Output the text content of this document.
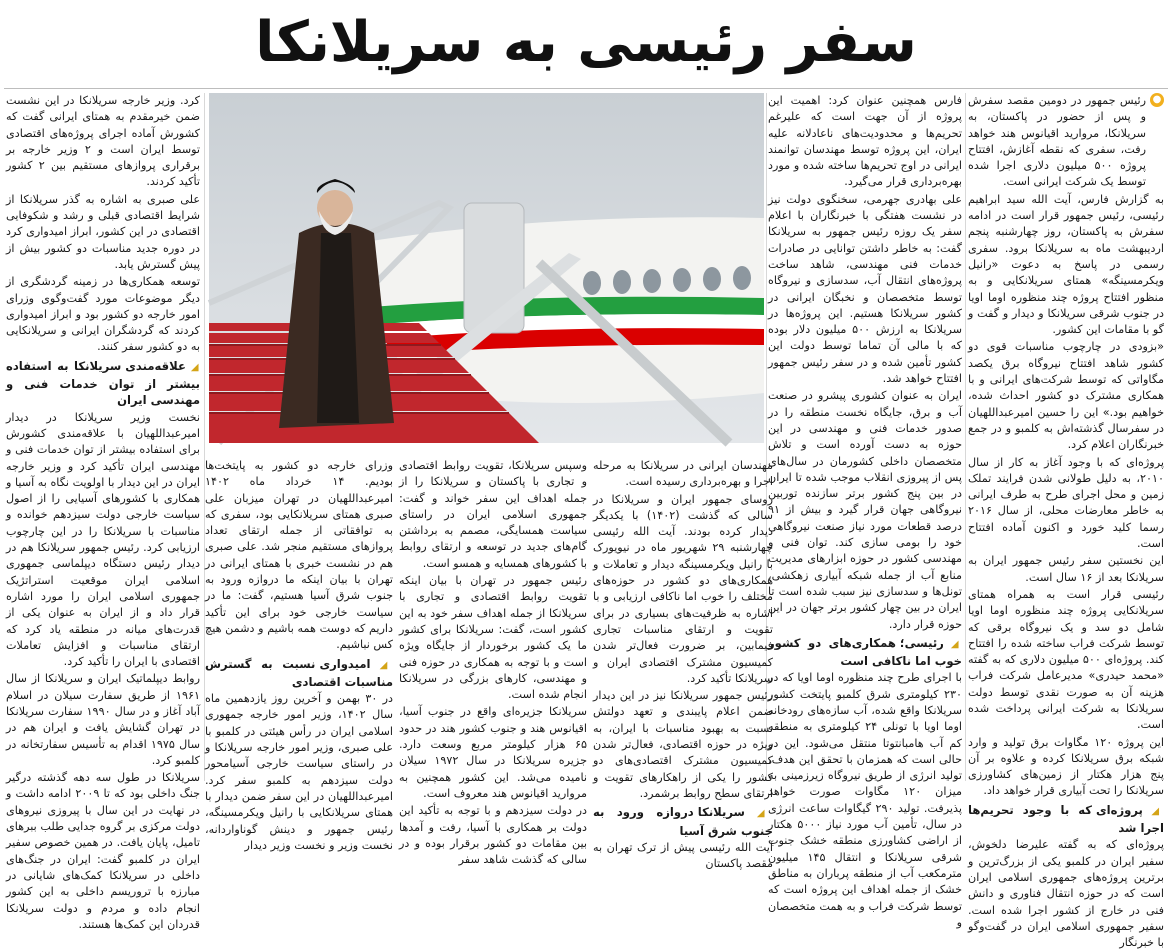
سفر رئیسی به سریلانکا

●
رئیس جمهور در دومین مقصد سفرش و پس از حضور در پاکستان، به سریلانکا، مروارید اقیانوس هند خواهد رفت، سفری که نقطه آغازش، افتتاح پروژه ۵۰۰ میلیون دلاری اجرا شده توسط یک شرکت ایرانی است.

به گزارش فارس، آیت الله سید ابراهیم رئیسی، رئیس جمهور قرار است در ادامه سفرش به پاکستان، روز چهارشنبه پنجم اردیبهشت ماه به سریلانکا برود. سفری رسمی در پاسخ به دعوت «رانیل ویکرمسینگه» همتای سریلانکایی و به منظور افتتاح پروژه چند منظوره اوما اویا در جنوب شرقی سریلانکا و دیدار و گفت و گو با مقامات این کشور.

«بزودی در چارچوب مناسبات قوی دو کشور شاهد افتتاح نیروگاه برق یکصد مگاواتی که توسط شرکت‌های ایرانی و با همکاری مشترک دو کشور احداث شده، خواهیم بود.» این را حسین امیرعبداللهیان در سفرسال گذشته‌اش به کلمبو و در جمع خبرنگاران اعلام کرد.

پروژه‌ای که با وجود آغاز به کار از سال ۲۰۱۰، به دلیل طولانی شدن فرایند تملک زمین و محل اجرای طرح به طرف ایرانی به خاطر معارضات محلی، از سال ۲۰۱۶ رسما کلید خورد و اکنون آماده افتتاح است.

این نخستین سفر رئیس جمهور ایران به سریلانکا بعد از ۱۶ سال است.

رئیسی قرار است به همراه همتای سریلانکایی پروژه چند منظوره اوما اویا شامل دو سد و یک نیروگاه برقی که توسط شرکت فراب ساخته شده را افتتاح کند. پروژه‌ای ۵۰۰ میلیون دلاری که به گفته «محمد حیدری» مدیرعامل شرکت فراب هزینه آن به صورت نقدی توسط دولت سریلانکا به شرکت ایرانی پرداخت شده است.

این پروژه ۱۲۰ مگاوات برق تولید و وارد شبکه برق سریلانکا کرده و علاوه بر آن پنج هزار هکتار از زمین‌های کشاورزی سریلانکا را تحت آبیاری قرار خواهد داد.

◢ پروژه‌ای که با وجود تحریم‌ها اجرا شد

پروژه‌ای که به گفته علیرضا دلخوش، سفیر ایران در کلمبو یکی از بزرگ‌ترین و برترین پروژه‌های جمهوری اسلامی ایران است که در حوزه انتقال فناوری و دانش فنی در خارج از کشور اجرا شده است. سفیر جمهوری اسلامی ایران در گفت‌وگو با خبرنگار

فارس همچنین عنوان کرد: اهمیت این پروژه از آن جهت است که علیرغم تحریم‌ها و محدودیت‌های ناعادلانه علیه ایران، این پروژه توسط مهندسان توانمند ایرانی در اوج تحریم‌ها ساخته شده و مورد بهره‌برداری قرار می‌گیرد.

علی بهادری جهرمی، سخنگوی دولت نیز در نشست هفتگی با خبرنگاران با اعلام سفر یک روزه رئیس جمهور به سریلانکا گفت: به خاطر داشتن توانایی در صادرات خدمات فنی مهندسی، شاهد ساخت پروژه‌های انتقال آب، سدسازی و نیروگاه توسط متخصصان و نخبگان ایرانی در کشور سریلانکا هستیم. این پروژه‌ها در سریلانکا به ارزش ۵۰۰ میلیون دلار بوده که با مالی آن تماما توسط دولت این کشور تأمین شده و در سفر رئیس جمهور افتتاح خواهد شد.

ایران به عنوان کشوری پیشرو در صنعت آب و برق، جایگاه نخست منطقه را در صدور خدمات فنی و مهندسی در این حوزه به دست آورده است و تلاش متخصصان داخلی کشورمان در سال‌های پس از پیروزی انقلاب موجب شده تا ایران در بین پنج کشور برتر سازنده توربین نیروگاهی جهان قرار گیرد و بیش از ۹۱ درصد قطعات مورد نیاز صنعت نیروگاهی خود را بومی سازی کند. توان فنی و مهندسی کشور در حوزه ابزارهای مدیریت منابع آب از جمله شبکه آبیاری زهکشی، تونل‌ها و سدسازی نیز سبب شده است تا ایران در بین چهار کشور برتر جهان در این حوزه قرار دارد.

◢ رئیسی؛ همکاری‌های دو کشور خوب اما ناکافی است

با اجرای طرح چند منظوره اوما اویا که در ۲۳۰ کیلومتری شرق کلمبو پایتخت کشور سریلانکا واقع شده، آب سازه‌های رودخانه اوما اویا با تونلی ۲۴ کیلومتری به منطقه کم آب هامبانتوتا منتقل می‌شود. این در حالی است که همزمان با تحقق این هدف، تولید انرژی از طریق نیروگاه زیرزمینی به میزان ۱۲۰ مگاوات صورت خواهد پذیرفت. تولید ۲۹۰ گیگاوات ساعت انرژی در سال، تأمین آب مورد نیاز ۵۰۰۰ هکتار از اراضی کشاورزی منطقه خشک جنوب شرقی سریلانکا و انتقال ۱۴۵ میلیون مترمکعب آب از منطقه پرباران به مناطق خشک از جمله اهداف این پروژه است که توسط شرکت فراب و به همت متخصصان و

مهندسان ایرانی در سریلانکا به مرحله اجرا و بهره‌برداری رسیده است.

روسای جمهور ایران و سریلانکا در سالی که گذشت (۱۴۰۲) با یکدیگر دیدار کرده بودند. آیت الله رئیسی چهارشنبه ۲۹ شهریور ماه در نیویورک با رانیل ویکرمسینگه دیدار و تعاملات و همکاری‌های دو کشور در حوزه‌های مختلف را خوب اما ناکافی ارزیابی و با اشاره به ظرفیت‌های بسیاری در برای تقویت و ارتقای مناسبات تجاری فیمابین، بر ضرورت فعال‌تر شدن کمیسیون مشترک اقتصادی ایران و سریلانکا تأکید کرد.

رئیس جمهور سریلانکا نیز در این دیدار ضمن اعلام پایبندی و تعهد دولتش نسبت به بهبود مناسبات با ایران، به ویژه در حوزه اقتصادی، فعال‌تر شدن کمیسیون مشترک اقتصادی‌های دو کشور را یکی از راهکارهای تقویت و ارتقای سطح روابط برشمرد.

◢ سریلانکا دروازه ورود به جنوب شرق آسیا

آیت الله رئیسی پیش از ترک تهران به مقصد پاکستان

وسپس سریلانکا، تقویت روابط اقتصادی و تجاری با پاکستان و سریلانکا را از جمله اهداف این سفر خواند و گفت: جمهوری اسلامی ایران در راستای سیاست همسایگی، مصمم به برداشتن گام‌های جدید در توسعه و ارتقای روابط با کشورهای همسایه و همسو است.

رئیس جمهور در تهران با بیان اینکه تقویت روابط اقتصادی و تجاری با سریلانکا از جمله اهداف سفر خود به این کشور است، گفت: سریلانکا برای کشور ما یک کشور برخوردار از جایگاه ویژه است و با توجه به همکاری در حوزه فنی و مهندسی، کارهای بزرگی در سریلانکا انجام شده است.

سریلانکا جزیره‌ای واقع در جنوب آسیا، اقیانوس هند و جنوب کشور هند در حدود ۶۵ هزار کیلومتر مربع وسعت دارد. جزیره سریلانکا در سال ۱۹۷۲ سیلان نامیده می‌شد. این کشور همچنین به مروارید اقیانوس هند معروف است.

در دولت سیزدهم و با توجه به تأکید این دولت بر همکاری با آسیا، رفت و آمدها بین مقامات دو کشور برقرار بوده و در سالی که گذشت شاهد سفر

وزرای خارجه دو کشور به پایتخت‌ها بودیم. ۱۴ خرداد ماه ۱۴۰۲ امیرعبداللهیان در تهران میزبان علی صبری همتای سریلانکایی بود، سفری که به توافقاتی از جمله ارتقای تعداد پروازهای مستقیم منجر شد. علی صبری هم در نشست خبری با همتای ایرانی در تهران با بیان اینکه ما دروازه ورود به جنوب شرق آسیا هستیم، گفت: ما در سیاست خارجی خود برای این تأکید داریم که دوست همه باشیم و دشمن هیچ کس نباشیم.

◢ امیدواری نسبت به گسترش مناسبات اقتصادی

در ۳۰ بهمن و آخرین روز یازدهمین ماه سال ۱۴۰۲، وزیر امور خارجه جمهوری اسلامی ایران در رأس هیئتی در کلمبو با علی صبری، وزیر امور خارجه سریلانکا و در راستای سیاست خارجی آسیامحور دولت سیزدهم به کلمبو سفر کرد. امیرعبداللهیان در این سفر ضمن دیدار با همتای سریلانکایی با رانیل ویکرمسینگه، رئیس جمهور و دینش گوناواردانه، نخست وزیر و نخست وزیر دیدار

کرد. وزیر خارجه سریلانکا در این نشست ضمن خیرمقدم به همتای ایرانی گفت که کشورش آماده اجرای پروژه‌های اقتصادی توسط ایران است و ۲ وزیر خارجه بر برقراری پروازهای مستقیم بین ۲ کشور تأکید کردند.

علی صبری به اشاره به گذر سریلانکا از شرایط اقتصادی قبلی و رشد و شکوفایی اقتصادی در این کشور، ابراز امیدواری کرد در دوره جدید مناسبات دو کشور بیش از پیش گسترش یابد.

توسعه همکاری‌ها در زمینه گردشگری از دیگر موضوعات مورد گفت‌وگوی وزرای امور خارجه دو کشور بود و ابراز امیدواری کردند که گردشگران ایرانی و سریلانکایی به دو کشور سفر کنند.

◢ علاقه‌مندی سریلانکا به استفاده بیشتر از توان خدمات فنی و مهندسی ایران

نخست وزیر سریلانکا در دیدار امیرعبداللهیان با علاقه‌مندی کشورش برای استفاده بیشتر از توان خدمات فنی و مهندسی ایران تأکید کرد و وزیر خارجه ایران در این دیدار با اولویت نگاه به آسیا و همکاری با کشورهای آسیایی را از اصول سیاست خارجی دولت سیزدهم خوانده و مناسبات با سریلانکا را در این چارچوب ارزیابی کرد. رئیس جمهور سریلانکا هم در دیدار رئیس دستگاه دیپلماسی جمهوری اسلامی ایران موقعیت استراتژیک جمهوری اسلامی ایران را مورد اشاره قرار داد و از ایران به عنوان یکی از قدرت‌های میانه در منطقه یاد کرد که ارتقای مناسبات و افزایش تعاملات اقتصادی با ایران را تأکید کرد.

روابط دیپلماتیک ایران و سریلانکا از سال ۱۹۶۱ از طریق سفارت سیلان در اسلام آباد آغاز و در سال ۱۹۹۰ سفارت سریلانکا در تهران گشایش یافت و ایران هم در سال ۱۹۷۵ اقدام به تأسیس سفارتخانه در کلمبو کرد.

سریلانکا در طول سه دهه گذشته درگیر جنگ داخلی بود که تا ۲۰۰۹ ادامه داشت و در نهایت در این سال با پیروزی نیروهای دولت مرکزی بر گروه جدایی طلب ببرهای تامیل، پایان یافت. در همین خصوص سفیر ایران در کلمبو گفت: ایران در جنگ‌های داخلی در سریلانکا کمک‌های شایانی در مبارزه با تروریسم داخلی به این کشور انجام داده و مردم و دولت سریلانکا قدردان این کمک‌ها هستند.
